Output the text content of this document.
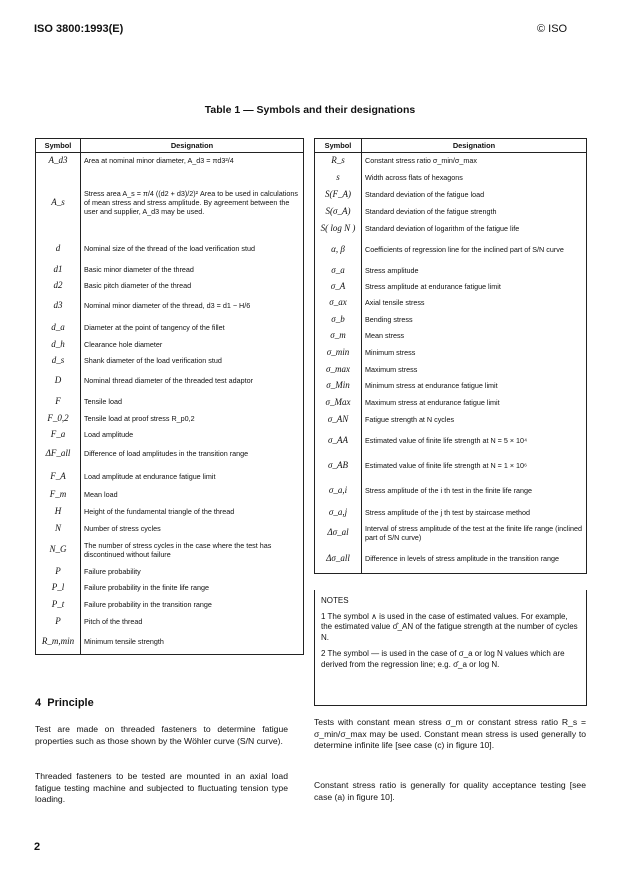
ISO 3800:1993(E)	© ISO
Table 1 — Symbols and their designations
Symbol	Designation
A_d3	Area at nominal minor diameter, A_d3 = πd3²/4
A_s	Stress area A_s = π/4 ((d2 + d3)/2)² Area to be used in calculations of mean stress and stress amplitude. By agreement between the user and supplier, A_d3 may be used.
d	Nominal size of the thread of the load verification stud
d1	Basic minor diameter of the thread
d2	Basic pitch diameter of the thread
d3	Nominal minor diameter of the thread, d3 = d1 − H/6
d_a	Diameter at the point of tangency of the fillet
d_h	Clearance hole diameter
d_s	Shank diameter of the load verification stud
D	Nominal thread diameter of the threaded test adaptor
F	Tensile load
F_0,2	Tensile load at proof stress R_p0,2
F_a	Load amplitude
ΔF_all	Difference of load amplitudes in the transition range
F_A	Load amplitude at endurance fatigue limit
F_m	Mean load
H	Height of the fundamental triangle of the thread
N	Number of stress cycles
N_G	The number of stress cycles in the case where the test has discontinued without failure
P	Failure probability
P_l	Failure probability in the finite life range
P_t	Failure probability in the transition range
P	Pitch of the thread
R_m,min	Minimum tensile strength
Symbol	Designation
R_s	Constant stress ratio σ_min/σ_max
s	Width across flats of hexagons
S(F_A)	Standard deviation of the fatigue load
S(σ_A)	Standard deviation of the fatigue strength
S( log N )	Standard deviation of logarithm of the fatigue life
α, β	Coefficients of regression line for the inclined part of S/N curve
σ_a	Stress amplitude
σ_A	Stress amplitude at endurance fatigue limit
σ_ax	Axial tensile stress
σ_b	Bending stress
σ_m	Mean stress
σ_min	Minimum stress
σ_max	Maximum stress
σ_Min	Minimum stress at endurance fatigue limit
σ_Max	Maximum stress at endurance fatigue limit
σ_AN	Fatigue strength at N cycles
σ_AA	Estimated value of finite life strength at N = 5 × 10⁴
σ_AB	Estimated value of finite life strength at N = 1 × 10⁶
σ_a,i	Stress amplitude of the i th test in the finite life range
σ_a,j	Stress amplitude of the j th test by staircase method
Δσ_al	Interval of stress amplitude of the test at the finite life range (inclined part of S/N curve)
Δσ_all	Difference in levels of stress amplitude in the transition range
NOTES

1 The symbol ∧ is used in the case of estimated values. For example, the estimated value σ̂_AN of the fatigue strength at the number of cycles N.

2 The symbol — is used in the case of σ_a or log N values which are derived from the regression line; e.g. σ̄_a or log N.

4 Principle
Test are made on threaded fasteners to determine fatigue properties such as those shown by the Wöhler curve (S/N curve).
Threaded fasteners to be tested are mounted in an axial load fatigue testing machine and subjected to fluctuating tension type loading.
Tests with constant mean stress σ_m or constant stress ratio R_s = σ_min/σ_max may be used. Constant mean stress is used generally to determine infinite life [see case (c) in figure 10].
Constant stress ratio is generally for quality acceptance testing [see case (a) in figure 10].
2
